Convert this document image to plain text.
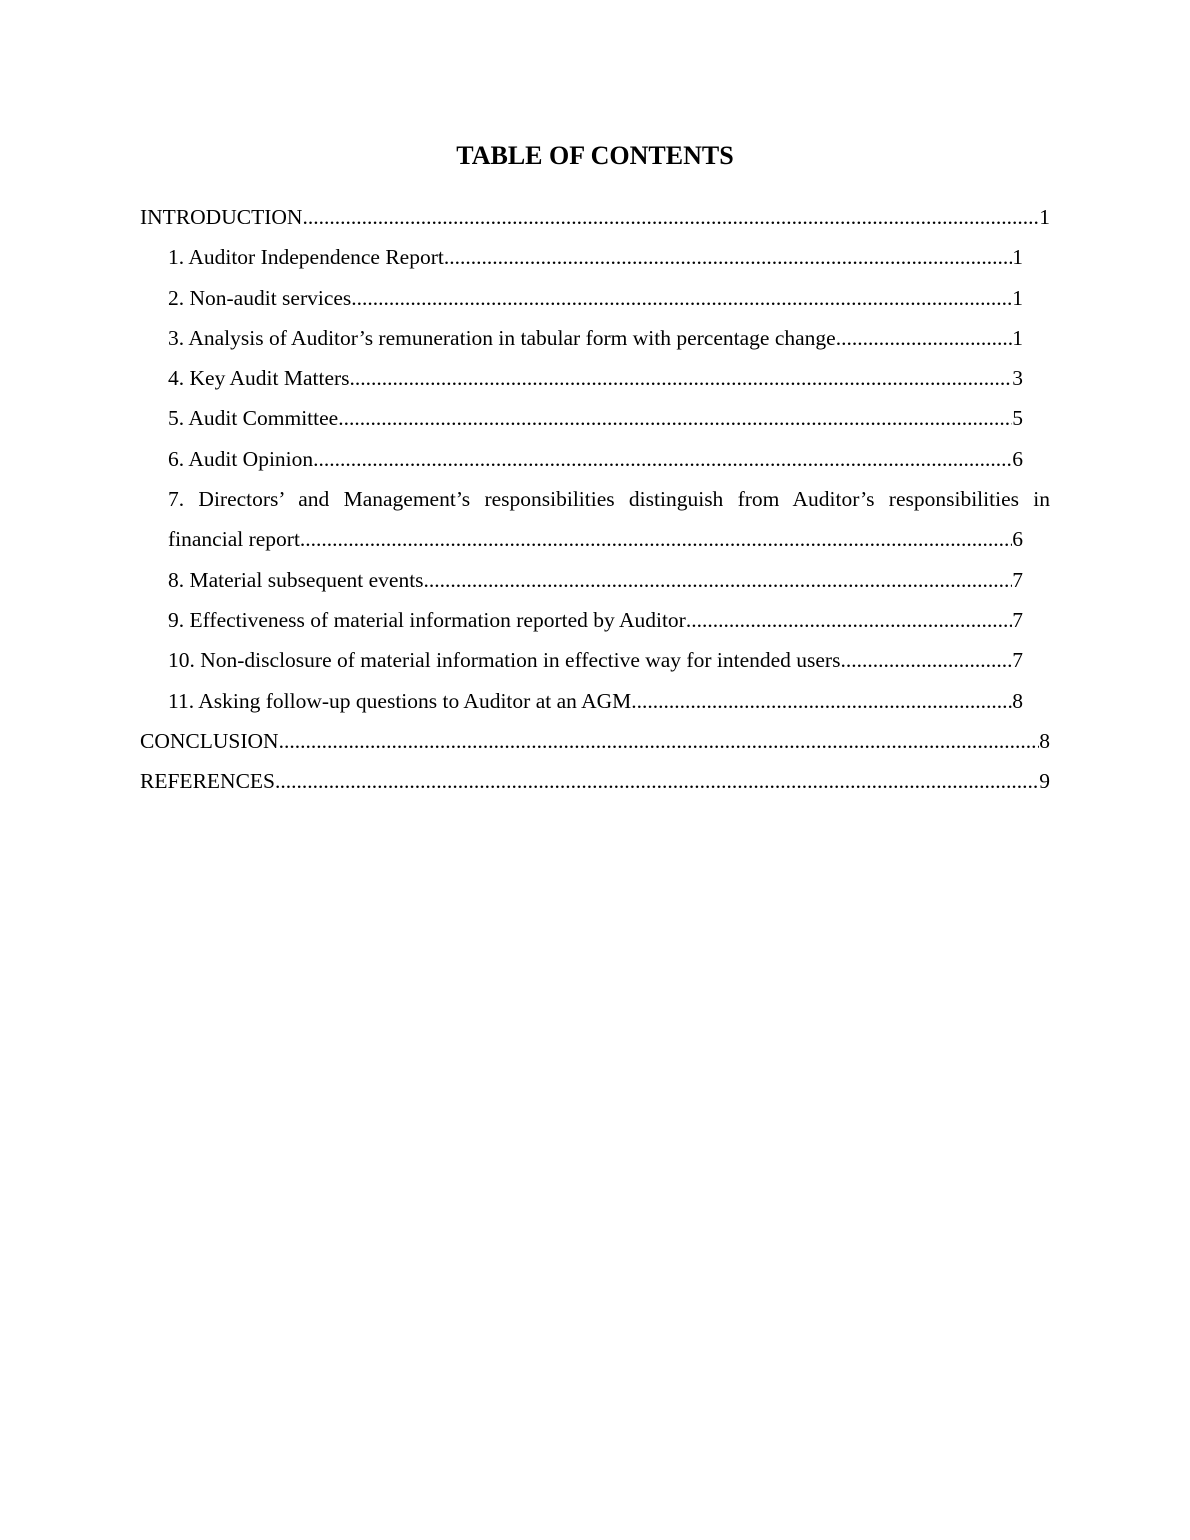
TABLE OF CONTENTS
INTRODUCTION .....	1
1. Auditor Independence Report .....	1
2. Non-audit services .....	1
3. Analysis of Auditor’s remuneration in tabular form with percentage change .....	1
4. Key Audit Matters .....	3
5. Audit Committee .....	5
6. Audit Opinion .....	6
7. Directors’ and Management’s responsibilities distinguish from Auditor’s responsibilities in
financial report .....	6
8. Material subsequent events .....	7
9. Effectiveness of material information reported by Auditor .....	7
10. Non-disclosure of material information in effective way for intended users .....	7
11. Asking follow-up questions to Auditor at an AGM .....	8
CONCLUSION .....	8
REFERENCES .....	9
